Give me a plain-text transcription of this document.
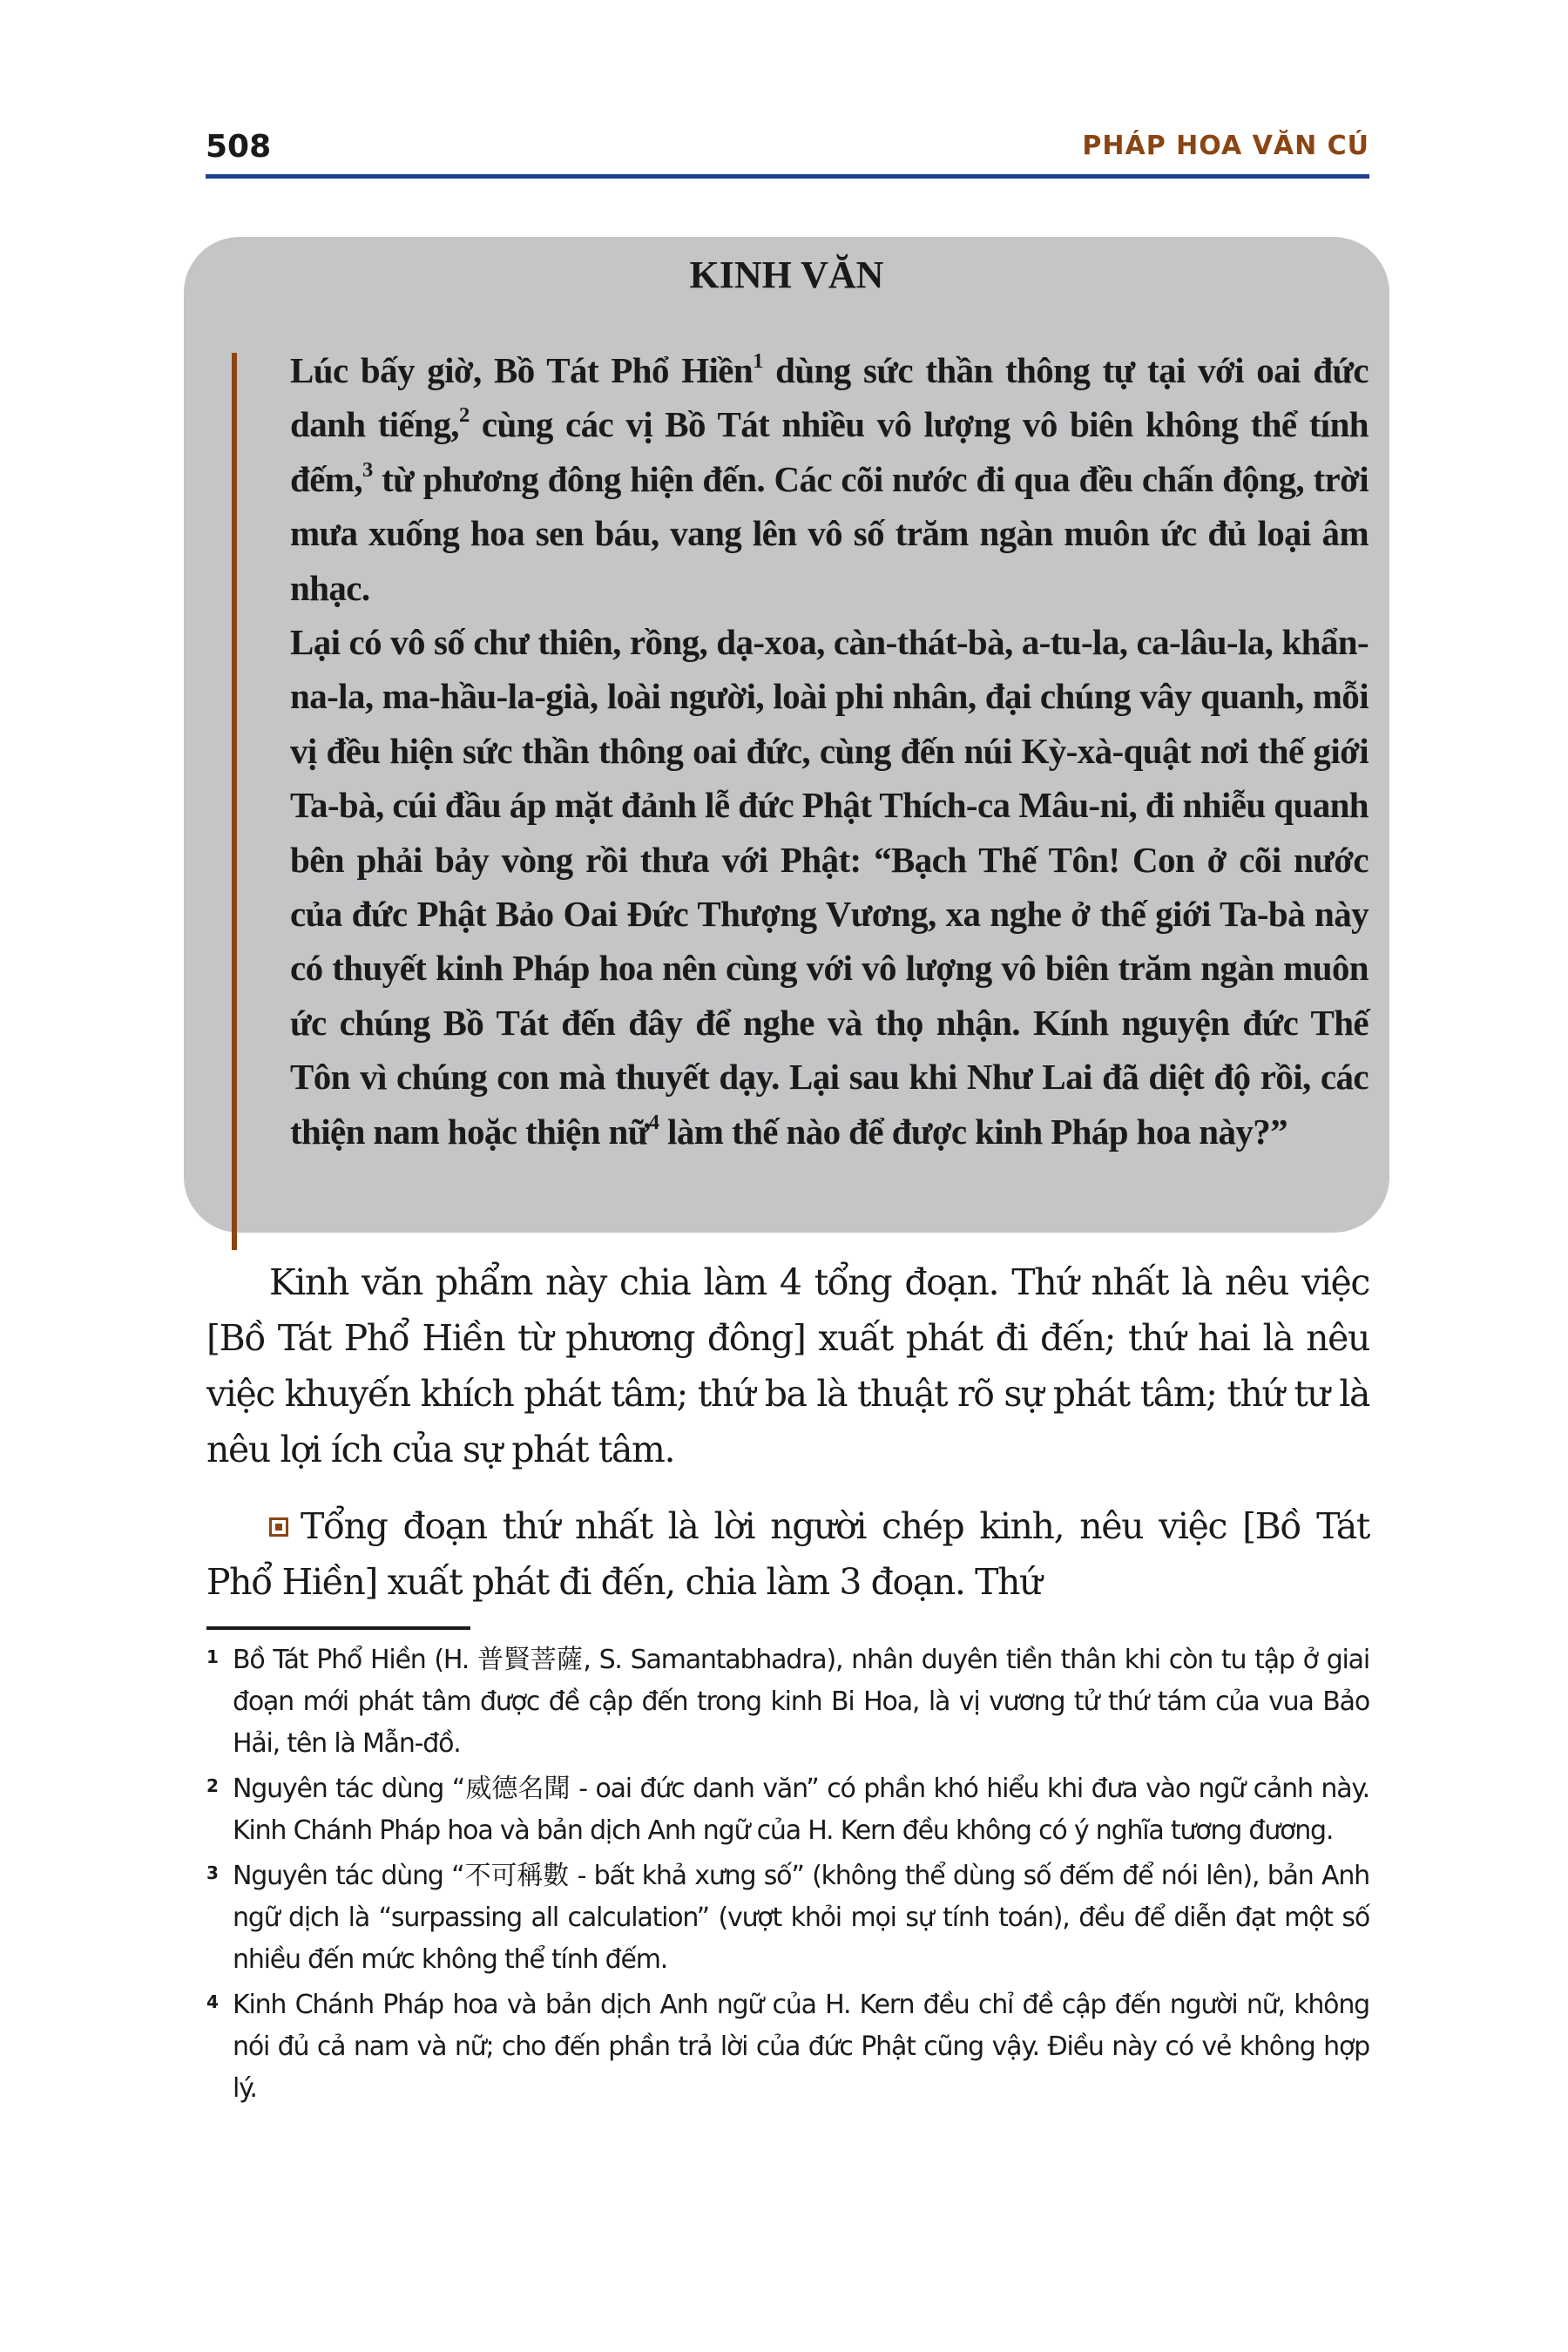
508	PHÁP HOA VĂN CÚ
KINH VĂN

Lúc bấy giờ, Bồ Tát Phổ Hiền$^1$ dùng sức thần thông tự tại với oai đức danh tiếng,$^2$ cùng các vị Bồ Tát nhiều vô lượng vô biên không thể tính đếm,$^3$ từ phương đông hiện đến. Các cõi nước đi qua đều chấn động, trời mưa xuống hoa sen báu, vang lên vô số trăm ngàn muôn ức đủ loại âm nhạc.

Lại có vô số chư thiên, rồng, dạ-xoa, càn-thát-bà, a-tu-la, ca-lâu-la, khẩn-na-la, ma-hầu-la-già, loài người, loài phi nhân, đại chúng vây quanh, mỗi vị đều hiện sức thần thông oai đức, cùng đến núi Kỳ-xà-quật nơi thế giới Ta-bà, cúi đầu áp mặt đảnh lễ đức Phật Thích-ca Mâu-ni, đi nhiễu quanh bên phải bảy vòng rồi thưa với Phật: “Bạch Thế Tôn! Con ở cõi nước của đức Phật Bảo Oai Đức Thượng Vương, xa nghe ở thế giới Ta-bà này có thuyết kinh Pháp hoa nên cùng với vô lượng vô biên trăm ngàn muôn ức chúng Bồ Tát đến đây để nghe và thọ nhận. Kính nguyện đức Thế Tôn vì chúng con mà thuyết dạy. Lại sau khi Như Lai đã diệt độ rồi, các thiện nam hoặc thiện nữ$^4$ làm thế nào để được kinh Pháp hoa này?”

Kinh văn phẩm này chia làm 4 tổng đoạn. Thứ nhất là nêu việc [Bồ Tát Phổ Hiền từ phương đông] xuất phát đi đến; thứ hai là nêu việc khuyến khích phát tâm; thứ ba là thuật rõ sự phát tâm; thứ tư là nêu lợi ích của sự phát tâm.

Tổng đoạn thứ nhất là lời người chép kinh, nêu việc [Bồ Tát Phổ Hiền] xuất phát đi đến, chia làm 3 đoạn. Thứ

1 Bồ Tát Phổ Hiền (H. 普賢菩薩, S. Samantabhadra), nhân duyên tiền thân khi còn tu tập ở giai đoạn mới phát tâm được đề cập đến trong kinh Bi Hoa, là vị vương tử thứ tám của vua Bảo Hải, tên là Mẫn-đồ.
2 Nguyên tác dùng “威德名聞 - oai đức danh văn” có phần khó hiểu khi đưa vào ngữ cảnh này. Kinh Chánh Pháp hoa và bản dịch Anh ngữ của H. Kern đều không có ý nghĩa tương đương.
3 Nguyên tác dùng “不可稱數 - bất khả xưng số” (không thể dùng số đếm để nói lên), bản Anh ngữ dịch là “surpassing all calculation” (vượt khỏi mọi sự tính toán), đều để diễn đạt một số nhiều đến mức không thể tính đếm.
4 Kinh Chánh Pháp hoa và bản dịch Anh ngữ của H. Kern đều chỉ đề cập đến người nữ, không nói đủ cả nam và nữ; cho đến phần trả lời của đức Phật cũng vậy. Điều này có vẻ không hợp lý.
